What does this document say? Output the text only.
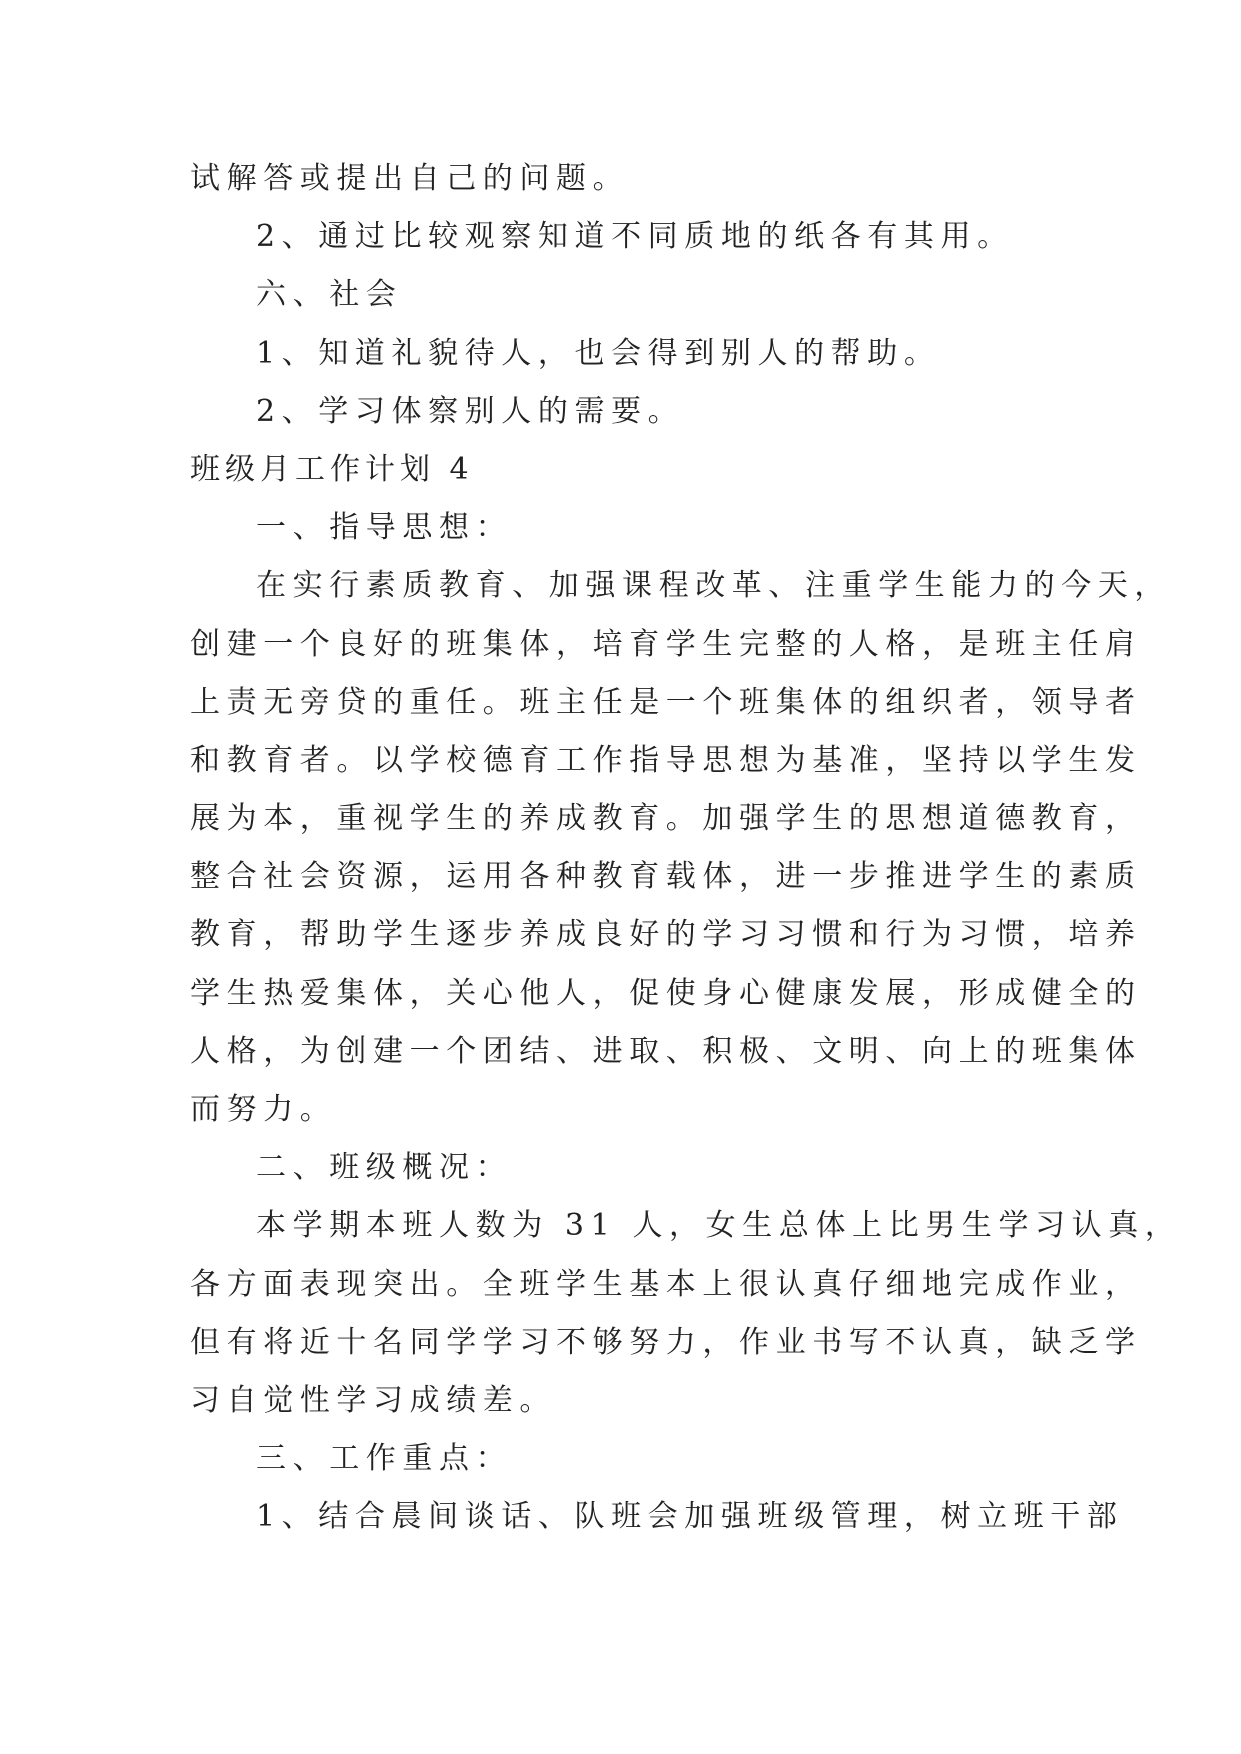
试解答或提出自己的问题。
2、通过比较观察知道不同质地的纸各有其用。
六、社会
1、知道礼貌待人，也会得到别人的帮助。
2、学习体察别人的需要。
班级月工作计划 4
一、指导思想：
在实行素质教育、加强课程改革、注重学生能力的今天，
创建一个良好的班集体，培育学生完整的人格，是班主任肩
上责无旁贷的重任。班主任是一个班集体的组织者，领导者
和教育者。以学校德育工作指导思想为基准，坚持以学生发
展为本，重视学生的养成教育。加强学生的思想道德教育，
整合社会资源，运用各种教育载体，进一步推进学生的素质
教育，帮助学生逐步养成良好的学习习惯和行为习惯，培养
学生热爱集体，关心他人，促使身心健康发展，形成健全的
人格，为创建一个团结、进取、积极、文明、向上的班集体
而努力。
二、班级概况：
本学期本班人数为 31 人，女生总体上比男生学习认真，
各方面表现突出。全班学生基本上很认真仔细地完成作业，
但有将近十名同学学习不够努力，作业书写不认真，缺乏学
习自觉性学习成绩差。
三、工作重点：
1、结合晨间谈话、队班会加强班级管理，树立班干部
